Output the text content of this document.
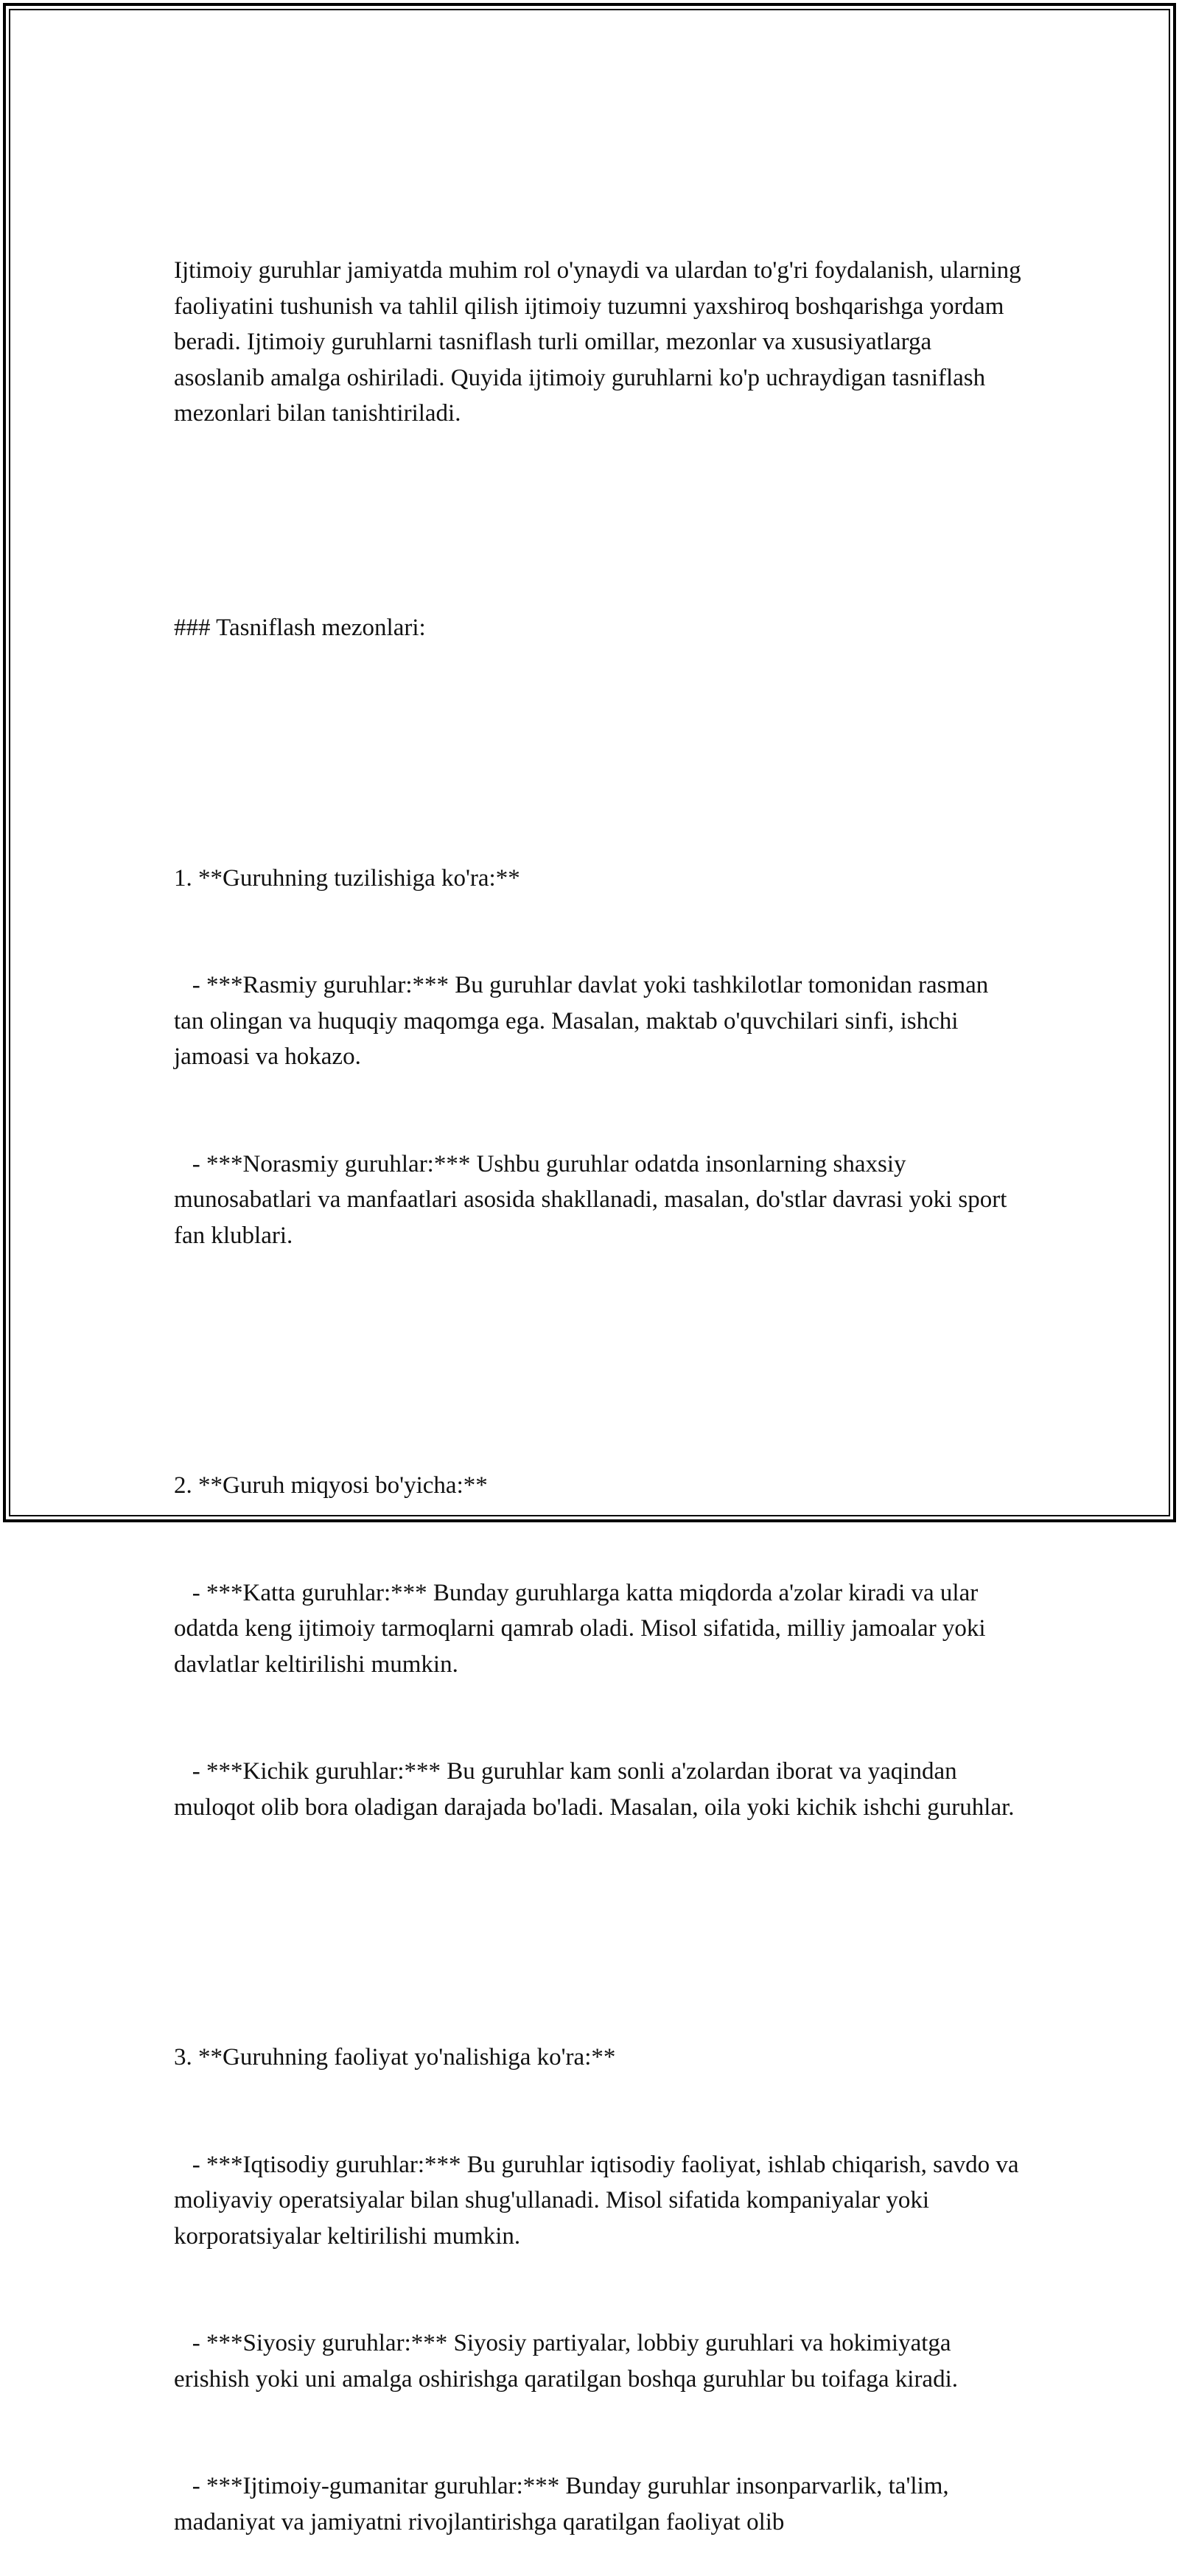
Ijtimoiy guruhlar jamiyatda muhim rol o'ynaydi va ulardan to'g'ri foydalanish, ularning faoliyatini tushunish va tahlil qilish ijtimoiy tuzumni yaxshiroq boshqarishga yordam beradi. Ijtimoiy guruhlarni tasniflash turli omillar, mezonlar va xususiyatlarga asoslanib amalga oshiriladi. Quyida ijtimoiy guruhlarni ko'p uchraydigan tasniflash mezonlari bilan tanishtiriladi.

### Tasniflash mezonlari:

1. **Guruhning tuzilishiga ko'ra:**

- ***Rasmiy guruhlar:*** Bu guruhlar davlat yoki tashkilotlar tomonidan rasman tan olingan va huquqiy maqomga ega. Masalan, maktab o'quvchilari sinfi, ishchi jamoasi va hokazo.

- ***Norasmiy guruhlar:*** Ushbu guruhlar odatda insonlarning shaxsiy munosabatlari va manfaatlari asosida shakllanadi, masalan, do'stlar davrasi yoki sport fan klublari.

2. **Guruh miqyosi bo'yicha:**

- ***Katta guruhlar:*** Bunday guruhlarga katta miqdorda a'zolar kiradi va ular odatda keng ijtimoiy tarmoqlarni qamrab oladi. Misol sifatida, milliy jamoalar yoki davlatlar keltirilishi mumkin.

- ***Kichik guruhlar:*** Bu guruhlar kam sonli a'zolardan iborat va yaqindan muloqot olib bora oladigan darajada bo'ladi. Masalan, oila yoki kichik ishchi guruhlar.

3. **Guruhning faoliyat yo'nalishiga ko'ra:**

- ***Iqtisodiy guruhlar:*** Bu guruhlar iqtisodiy faoliyat, ishlab chiqarish, savdo va moliyaviy operatsiyalar bilan shug'ullanadi. Misol sifatida kompaniyalar yoki korporatsiyalar keltirilishi mumkin.

- ***Siyosiy guruhlar:*** Siyosiy partiyalar, lobbiy guruhlari va hokimiyatga erishish yoki uni amalga oshirishga qaratilgan boshqa guruhlar bu toifaga kiradi.

- ***Ijtimoiy-gumanitar guruhlar:*** Bunday guruhlar insonparvarlik, ta'lim, madaniyat va jamiyatni rivojlantirishga qaratilgan faoliyat olib
